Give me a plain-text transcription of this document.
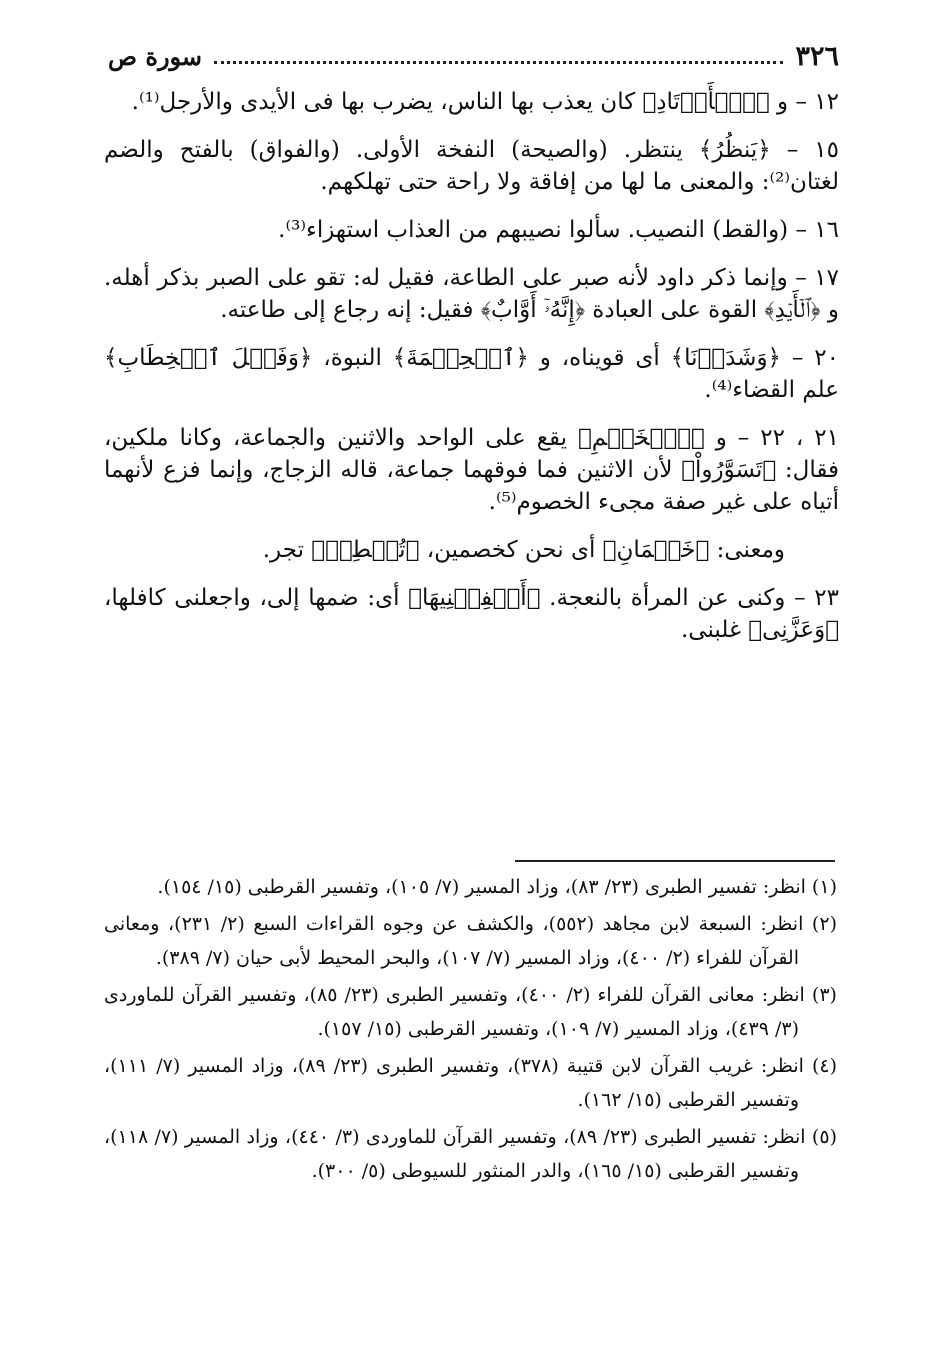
٣٢٦
سورة ص

١٢ – و ﴿ٱلۡأَوۡتَادِ﴾ كان يعذب بها الناس، يضرب بها فى الأيدى والأرجل⁽¹⁾.

١٥ – ﴿يَنظُرُ﴾ ينتظر. (والصيحة) النفخة الأولى. (والفواق) بالفتح والضم لغتان⁽²⁾: والمعنى ما لها من إفاقة ولا راحة حتى تهلكهم.

١٦ – (والقط) النصيب. سألوا نصيبهم من العذاب استهزاء⁽³⁾.

١٧ – وإنما ذكر داود لأنه صبر على الطاعة، فقيل له: تقو على الصبر بذكر أهله. و ﴿ٱلۡأَيۡدِ﴾ القوة على العبادة ﴿إِنَّهُۥٓ أَوَّابٌ﴾ فقيل: إنه رجاع إلى طاعته.

٢٠ – ﴿وَشَدَدۡنَا﴾ أى قويناه، و ﴿ٱلۡحِكۡمَةَ﴾ النبوة، ﴿وَفَصۡلَ ٱلۡخِطَابِ﴾ علم القضاء⁽⁴⁾.

٢١ ، ٢٢ – و ﴿ٱلۡخَصۡمِ﴾ يقع على الواحد والاثنين والجماعة، وكانا ملكين، فقال: ﴿تَسَوَّرُواْ﴾ لأن الاثنين فما فوقهما جماعة، قاله الزجاج، وإنما فزع لأنهما أتياه على غير صفة مجىء الخصوم⁽⁵⁾.

ومعنى: ﴿خَصۡمَانِ﴾ أى نحن كخصمين، ﴿تُشۡطِطۡ﴾ تجر.

٢٣ – وكنى عن المرأة بالنعجة. ﴿أَكۡفِلۡنِيهَا﴾ أى: ضمها إلى، واجعلنى كافلها، ﴿وَعَزَّنِى﴾ غلبنى.

(١) انظر: تفسير الطبرى (٢٣/ ٨٣)، وزاد المسير (٧/ ١٠٥)، وتفسير القرطبى (١٥/ ١٥٤).

(٢) انظر: السبعة لابن مجاهد (٥٥٢)، والكشف عن وجوه القراءات السبع (٢/ ٢٣١)، ومعانى القرآن للفراء (٢/ ٤٠٠)، وزاد المسير (٧/ ١٠٧)، والبحر المحيط لأبى حيان (٧/ ٣٨٩).

(٣) انظر: معانى القرآن للفراء (٢/ ٤٠٠)، وتفسير الطبرى (٢٣/ ٨٥)، وتفسير القرآن للماوردى (٣/ ٤٣٩)، وزاد المسير (٧/ ١٠٩)، وتفسير القرطبى (١٥/ ١٥٧).

(٤) انظر: غريب القرآن لابن قتيبة (٣٧٨)، وتفسير الطبرى (٢٣/ ٨٩)، وزاد المسير (٧/ ١١١)، وتفسير القرطبى (١٥/ ١٦٢).

(٥) انظر: تفسير الطبرى (٢٣/ ٨٩)، وتفسير القرآن للماوردى (٣/ ٤٤٠)، وزاد المسير (٧/ ١١٨)، وتفسير القرطبى (١٥/ ١٦٥)، والدر المنثور للسيوطى (٥/ ٣٠٠).
